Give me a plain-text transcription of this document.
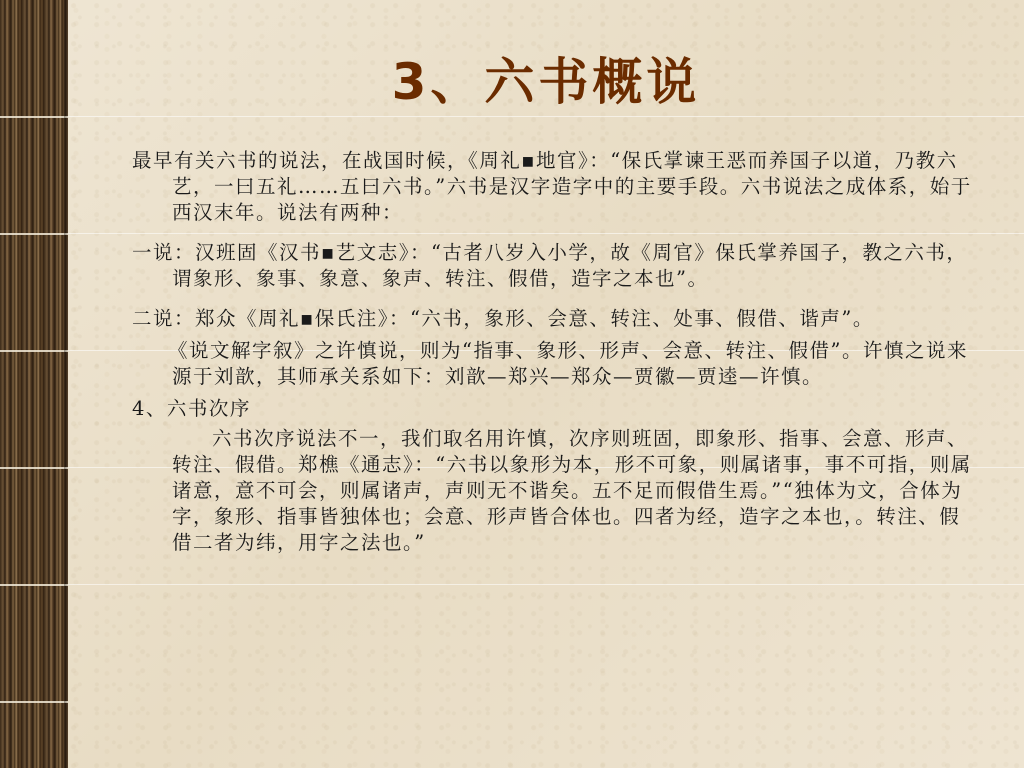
3、六书概说
最早有关六书的说法，在战国时候，《周礼▪地官》：“保氏掌谏王恶而养国子以道，乃教六艺，一曰五礼……五曰六书。”六书是汉字造字中的主要手段。六书说法之成体系，始于西汉末年。说法有两种：
一说：汉班固《汉书▪艺文志》：“古者八岁入小学，故《周官》保氏掌养国子，教之六书，谓象形、象事、象意、象声、转注、假借，造字之本也”。
二说：郑众《周礼▪保氏注》：“六书，象形、会意、转注、处事、假借、谐声”。
《说文解字叙》之许慎说，则为“指事、象形、形声、会意、转注、假借”。许慎之说来源于刘歆，其师承关系如下：刘歆—郑兴—郑众—贾徽—贾逵—许慎。
4、六书次序
六书次序说法不一，我们取名用许慎，次序则班固，即象形、指事、会意、形声、转注、假借。郑樵《通志》：“六书以象形为本，形不可象，则属诸事，事不可指，则属诸意，意不可会，则属诸声，声则无不谐矣。五不足而假借生焉。”“独体为文，合体为字，象形、指事皆独体也；会意、形声皆合体也。四者为经，造字之本也，。转注、假借二者为纬，用字之法也。”
